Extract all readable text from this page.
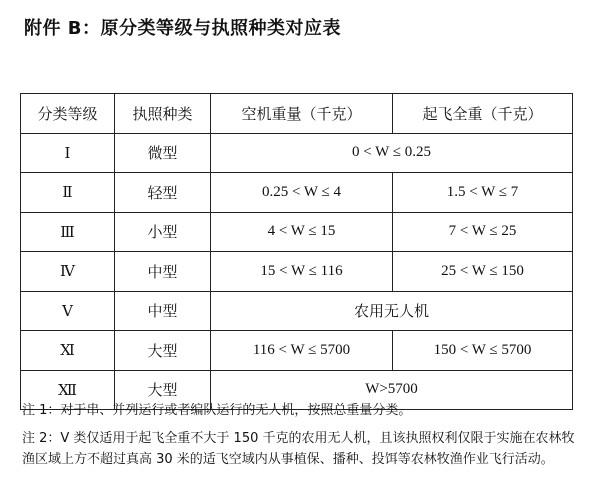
附件 B：原分类等级与执照种类对应表
分类等级	执照种类	空机重量（千克）	起飞全重（千克）
Ⅰ	微型	0 < W ≤ 0.25	
Ⅱ	轻型	0.25 < W ≤ 4	1.5 < W ≤ 7
Ⅲ	小型	4 < W ≤ 15	7 < W ≤ 25
Ⅳ	中型	15 < W ≤ 116	25 < W ≤ 150
Ⅴ	中型	农用无人机	
Ⅺ	大型	116 < W ≤ 5700	150 < W ≤ 5700
Ⅻ	大型	W>5700	

注 1：对于串、并列运行或者编队运行的无人机，按照总重量分类。

注 2：Ⅴ 类仅适用于起飞全重不大于 150 千克的农用无人机，且该执照权利仅限于实施在农林牧渔区域上方不超过真高 30 米的适飞空域内从事植保、播种、投饵等农林牧渔作业飞行活动。
